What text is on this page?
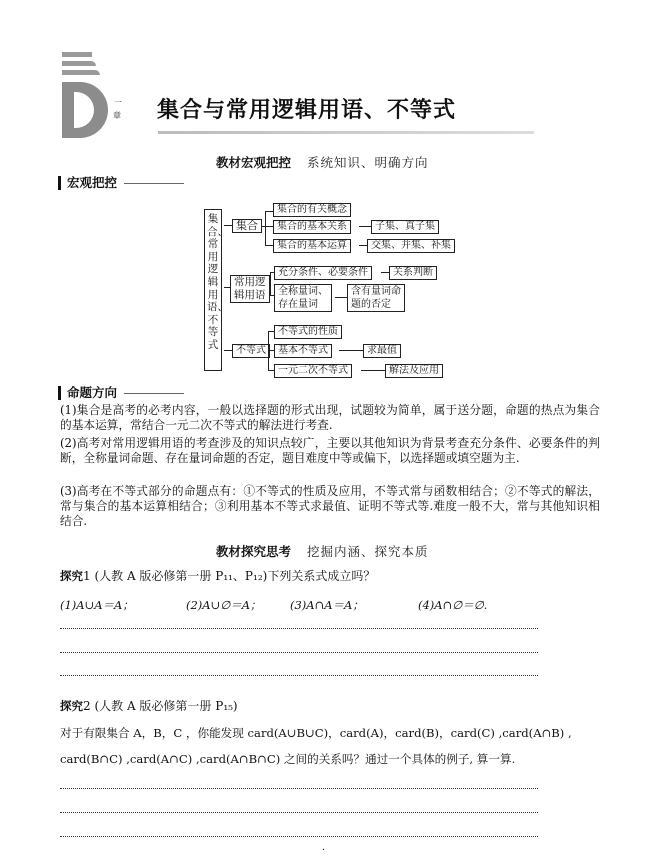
一
章 集合与常用逻辑用语、不等式
教材宏观把控 系统知识、明确方向
宏观把控
集合、常用逻辑用语、不等式
集合
集合的有关概念
集合的基本关系
集合的基本运算
子集、真子集
交集、并集、补集
常用逻
辑用语
充分条件、必要条件	关系判断
全称量词、
存在量词
含有量词命
题的否定
不等式
不等式的性质
基本不等式
一元二次不等式
求最值
解法及应用
命题方向
(1)集合是高考的必考内容，一般以选择题的形式出现，试题较为简单，属于送分题，命题的热点为集合的基本运算，常结合一元二次不等式的解法进行考查.
(2)高考对常用逻辑用语的考查涉及的知识点较广，主要以其他知识为背景考查充分条件、必要条件的判断，全称量词命题、存在量词命题的否定，题目难度中等或偏下，以选择题或填空题为主.
(3)高考在不等式部分的命题点有：①不等式的性质及应用，不等式常与函数相结合；②不等式的解法，常与集合的基本运算相结合；③利用基本不等式求最值、证明不等式等.难度一般不大，常与其他知识相结合.
教材探究思考 挖掘内涵、探究本质
探究1 (人教 A 版必修第一册 P₁₁、P₁₂)下列关系式成立吗？
(1)A∪A＝A；	(2)A∪∅＝A； (3)A∩A＝A；	(4)A∩∅＝∅.
探究2 (人教 A 版必修第一册 P₁₅)
对于有限集合 A，B，C ，你能发现 card(A∪B∪C)，card(A)，card(B)，card(C) ,card(A∩B) ,
card(B∩C) ,card(A∩C) ,card(A∩B∩C) 之间的关系吗？通过一个具体的例子, 算一算.
·
